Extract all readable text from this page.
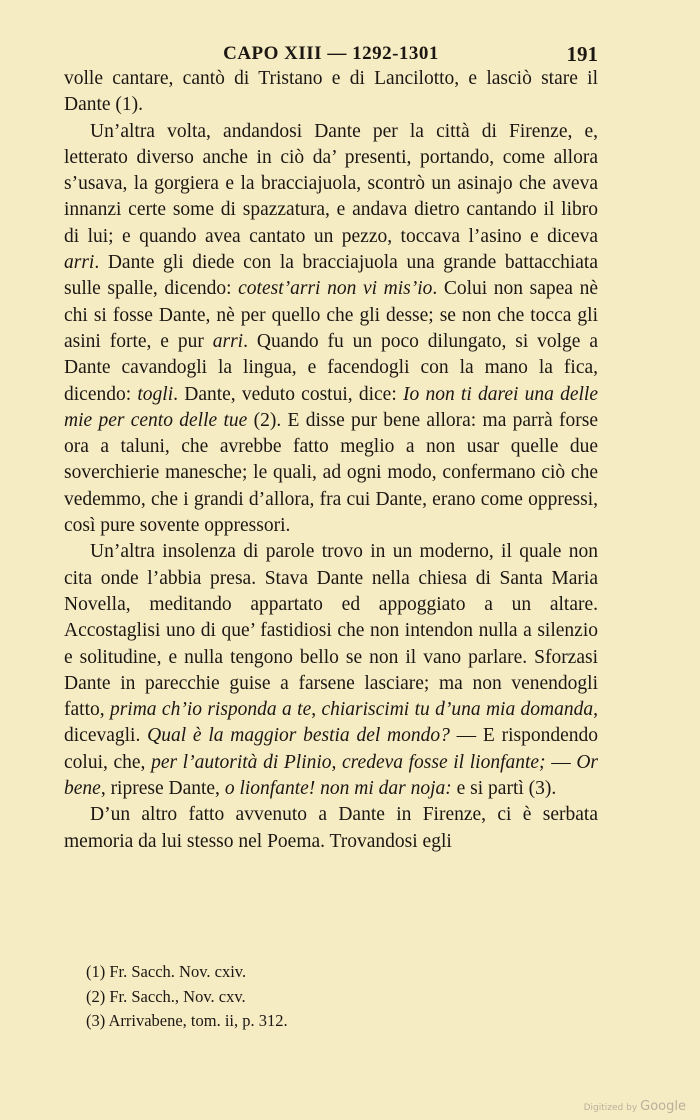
CAPO XIII — 1292-1301	191

volle cantare, cantò di Tristano e di Lancilotto, e lasciò stare il Dante (1).

Un’altra volta, andandosi Dante per la città di Firenze, e, letterato diverso anche in ciò da’ presenti, portando, come allora s’usava, la gorgiera e la bracciajuola, scontrò un asinajo che aveva innanzi certe some di spazzatura, e andava dietro cantando il libro di lui; e quando avea cantato un pezzo, toccava l’asino e diceva arri. Dante gli diede con la bracciajuola una grande battacchiata sulle spalle, dicendo: cotest’arri non vi mis’io. Colui non sapea nè chi si fosse Dante, nè per quello che gli desse; se non che tocca gli asini forte, e pur arri. Quando fu un poco dilungato, si volge a Dante cavandogli la lingua, e facendogli con la mano la fica, dicendo: togli. Dante, veduto costui, dice: Io non ti darei una delle mie per cento delle tue (2). E disse pur bene allora: ma parrà forse ora a taluni, che avrebbe fatto meglio a non usar quelle due soverchierie manesche; le quali, ad ogni modo, confermano ciò che vedemmo, che i grandi d’allora, fra cui Dante, erano come oppressi, così pure sovente oppressori.

Un’altra insolenza di parole trovo in un moderno, il quale non cita onde l’abbia presa. Stava Dante nella chiesa di Santa Maria Novella, meditando appartato ed appoggiato a un altare. Accostaglisi uno di que’ fastidiosi che non intendon nulla a silenzio e solitudine, e nulla tengono bello se non il vano parlare. Sforzasi Dante in parecchie guise a farsene lasciare; ma non venendogli fatto, prima ch’io risponda a te, chiariscimi tu d’una mia domanda, dicevagli. Qual è la maggior bestia del mondo? — E rispondendo colui, che, per l’autorità di Plinio, credeva fosse il lionfante; — Or bene, riprese Dante, o lionfante! non mi dar noja: e si partì (3).

D’un altro fatto avvenuto a Dante in Firenze, ci è serbata memoria da lui stesso nel Poema. Trovandosi egli

(1) Fr. Sacch. Nov. cxiv.
(2) Fr. Sacch., Nov. cxv.
(3) Arrivabene, tom. ii, p. 312.
Digitized by Google
